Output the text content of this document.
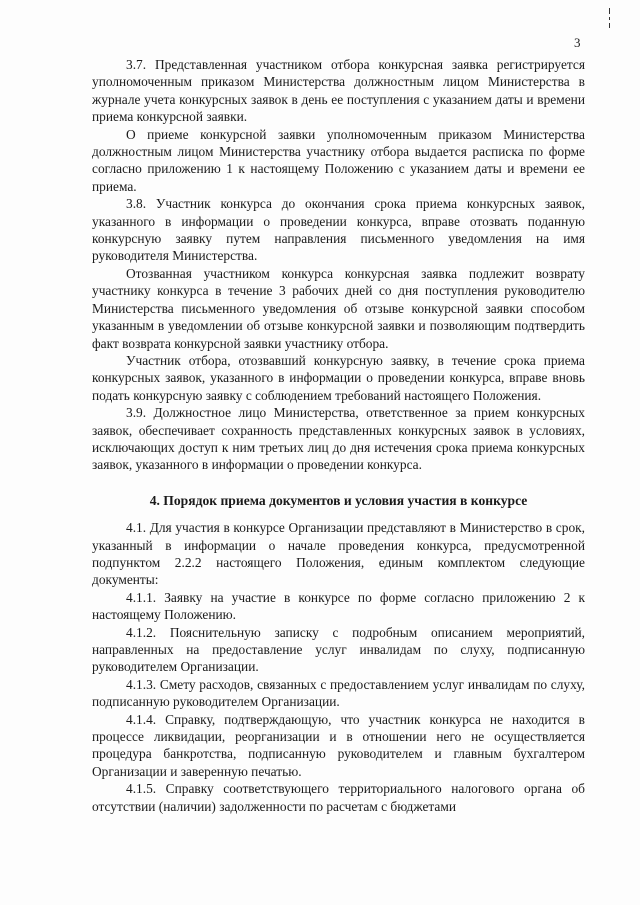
3

3.7. Представленная участником отбора конкурсная заявка регистрируется уполномоченным приказом Министерства должностным лицом Министерства в журнале учета конкурсных заявок в день ее поступления с указанием даты и времени приема конкурсной заявки.

О приеме конкурсной заявки уполномоченным приказом Министерства должностным лицом Министерства участнику отбора выдается расписка по форме согласно приложению 1 к настоящему Положению с указанием даты и времени ее приема.

3.8. Участник конкурса до окончания срока приема конкурсных заявок, указанного в информации о проведении конкурса, вправе отозвать поданную конкурсную заявку путем направления письменного уведомления на имя руководителя Министерства.

Отозванная участником конкурса конкурсная заявка подлежит возврату участнику конкурса в течение 3 рабочих дней со дня поступления руководителю Министерства письменного уведомления об отзыве конкурсной заявки способом указанным в уведомлении об отзыве конкурсной заявки и позволяющим подтвердить факт возврата конкурсной заявки участнику отбора.

Участник отбора, отозвавший конкурсную заявку, в течение срока приема конкурсных заявок, указанного в информации о проведении конкурса, вправе вновь подать конкурсную заявку с соблюдением требований настоящего Положения.

3.9. Должностное лицо Министерства, ответственное за прием конкурсных заявок, обеспечивает сохранность представленных конкурсных заявок в условиях, исключающих доступ к ним третьих лиц до дня истечения срока приема конкурсных заявок, указанного в информации о проведении конкурса.

4. Порядок приема документов и условия участия в конкурсе

4.1. Для участия в конкурсе Организации представляют в Министерство в срок, указанный в информации о начале проведения конкурса, предусмотренной подпунктом 2.2.2 настоящего Положения, единым комплектом следующие документы:

4.1.1. Заявку на участие в конкурсе по форме согласно приложению 2 к настоящему Положению.

4.1.2. Пояснительную записку с подробным описанием мероприятий, направленных на предоставление услуг инвалидам по слуху, подписанную руководителем Организации.

4.1.3. Смету расходов, связанных с предоставлением услуг инвалидам по слуху, подписанную руководителем Организации.

4.1.4. Справку, подтверждающую, что участник конкурса не находится в процессе ликвидации, реорганизации и в отношении него не осуществляется процедура банкротства, подписанную руководителем и главным бухгалтером Организации и заверенную печатью.

4.1.5. Справку соответствующего территориального налогового органа об отсутствии (наличии) задолженности по расчетам с бюджетами
